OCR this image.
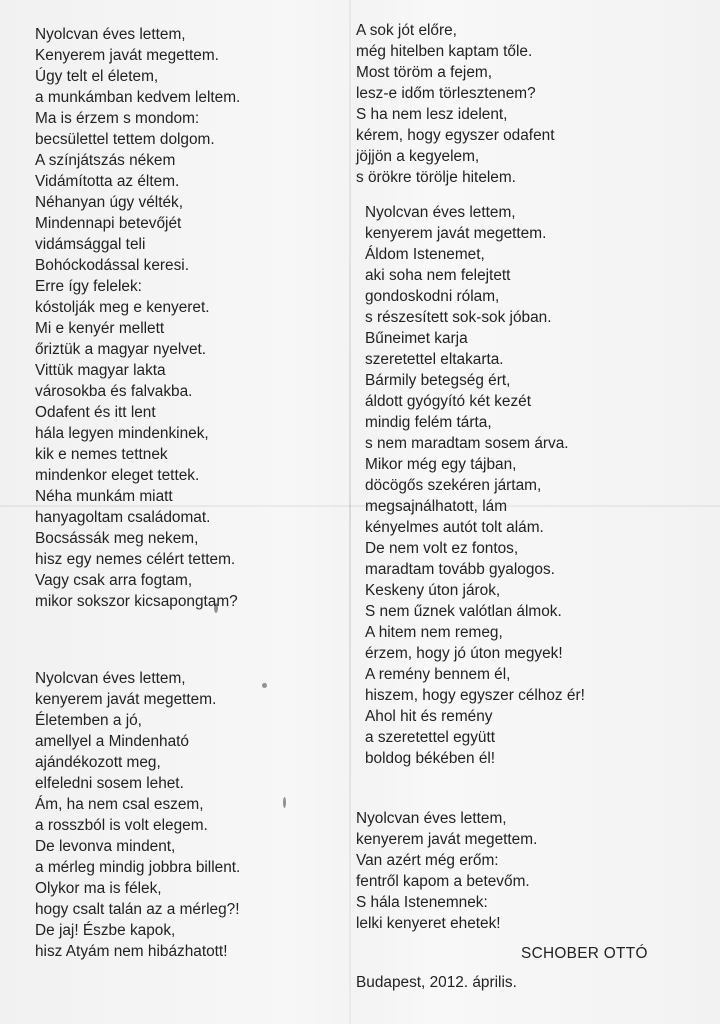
Nyolcvan éves lettem,
Kenyerem javát megettem.
Úgy telt el életem,
a munkámban kedvem leltem.
Ma is érzem s mondom:
becsülettel tettem dolgom.
A színjátszás nékem
Vidámította az éltem.
Néhanyan úgy vélték,
Mindennapi betevőjét
vidámsággal teli
Bohóckodással keresi.
Erre így felelek:
kóstolják meg e kenyeret.
Mi e kenyér mellett
őriztük a magyar nyelvet.
Vittük magyar lakta
városokba és falvakba.
Odafent és itt lent
hála legyen mindenkinek,
kik e nemes tettnek
mindenkor eleget tettek.
Néha munkám miatt
hanyagoltam családomat.
Bocsássák meg nekem,
hisz egy nemes célért tettem.
Vagy csak arra fogtam,
mikor sokszor kicsapongtam?
Nyolcvan éves lettem,
kenyerem javát megettem.
Életemben a jó,
amellyel a Mindenható
ajándékozott meg,
elfeledni sosem lehet.
Ám, ha nem csal eszem,
a rosszból is volt elegem.
De levonva mindent,
a mérleg mindig jobbra billent.
Olykor ma is félek,
hogy csalt talán az a mérleg?!
De jaj! Észbe kapok,
hisz Atyám nem hibázhatott!
A sok jót előre,
még hitelben kaptam tőle.
Most töröm a fejem,
lesz-e időm törlesztenem?
S ha nem lesz idelent,
kérem, hogy egyszer odafent
jöjjön a kegyelem,
s örökre törölje hitelem.
Nyolcvan éves lettem,
kenyerem javát megettem.
Áldom Istenemet,
aki soha nem felejtett
gondoskodni rólam,
s részesített sok-sok jóban.
Bűneimet karja
szeretettel eltakarta.
Bármily betegség ért,
áldott gyógyító két kezét
mindig felém tárta,
s nem maradtam sosem árva.
Mikor még egy tájban,
döcögős szekéren jártam,
megsajnálhatott, lám
kényelmes autót tolt alám.
De nem volt ez fontos,
maradtam tovább gyalogos.
Keskeny úton járok,
S nem űznek valótlan álmok.
A hitem nem remeg,
érzem, hogy jó úton megyek!
A remény bennem él,
hiszem, hogy egyszer célhoz ér!
Ahol hit és remény
a szeretettel együtt
boldog békében él!
Nyolcvan éves lettem,
kenyerem javát megettem.
Van azért még erőm:
fentről kapom a betevőm.
S hála Istenemnek:
lelki kenyeret ehetek!
SCHOBER OTTÓ
Budapest, 2012. április.
